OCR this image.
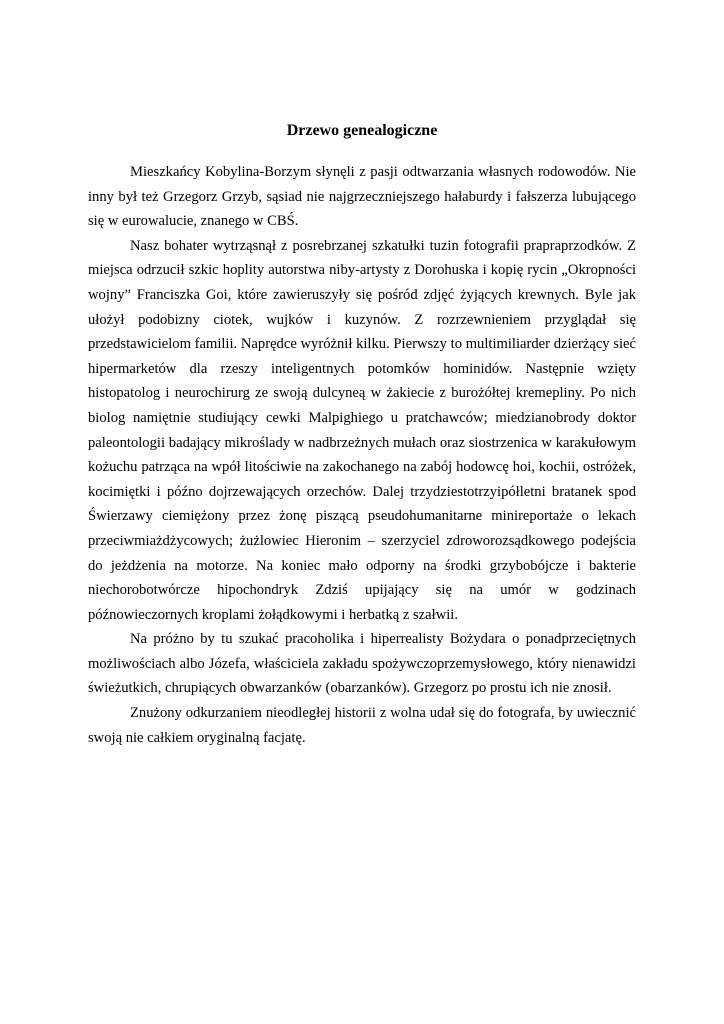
Drzewo genealogiczne

Mieszkańcy Kobylina-Borzym słynęli z pasji odtwarzania własnych rodowodów. Nie inny był też Grzegorz Grzyb, sąsiad nie najgrzeczniejszego hałaburdy i fałszerza lubującego się w eurowalucie, znanego w CBŚ.

Nasz bohater wytrząsnął z posrebrzanej szkatułki tuzin fotografii prapraprzodków. Z miejsca odrzucił szkic hoplity autorstwa niby-artysty z Dorohuska i kopię rycin „Okropności wojny” Franciszka Goi, które zawieruszyły się pośród zdjęć żyjących krewnych. Byle jak ułożył podobizny ciotek, wujków i kuzynów. Z rozrzewnieniem przyglądał się przedstawicielom familii. Naprędce wyróżnił kilku. Pierwszy to multimiliarder dzierżący sieć hipermarketów dla rzeszy inteligentnych potomków hominidów. Następnie wzięty histopatolog i neurochirurg ze swoją dulcyneą w żakiecie z burożółtej kremepliny. Po nich biolog namiętnie studiujący cewki Malpighiego u pratchawców; miedzianobrody doktor paleontologii badający mikroślady w nadbrzeżnych mułach oraz siostrzenica w karakułowym kożuchu patrząca na wpół litościwie na zakochanego na zabój hodowcę hoi, kochii, ostróżek, kocimiętki i późno dojrzewających orzechów. Dalej trzydziestotrzyipółletni bratanek spod Świerzawy ciemiężony przez żonę piszącą pseudohumanitarne minireportaże o lekach przeciwmiażdżycowych; żużlowiec Hieronim – szerzyciel zdroworozsądkowego podejścia do jeżdżenia na motorze. Na koniec mało odporny na środki grzybobójcze i bakterie niechorobotwórcze hipochondryk Zdziś upijający się na umór w godzinach późnowieczornych kroplami żołądkowymi i herbatką z szałwii.

Na próżno by tu szukać pracoholika i hiperrealisty Bożydara o ponadprzeciętnych możliwościach albo Józefa, właściciela zakładu spożywczoprzemysłowego, który nienawidzi świeżutkich, chrupiących obwarzanków (obarzanków). Grzegorz po prostu ich nie znosił.

Znużony odkurzaniem nieodległej historii z wolna udał się do fotografa, by uwiecznić swoją nie całkiem oryginalną facjatę.
